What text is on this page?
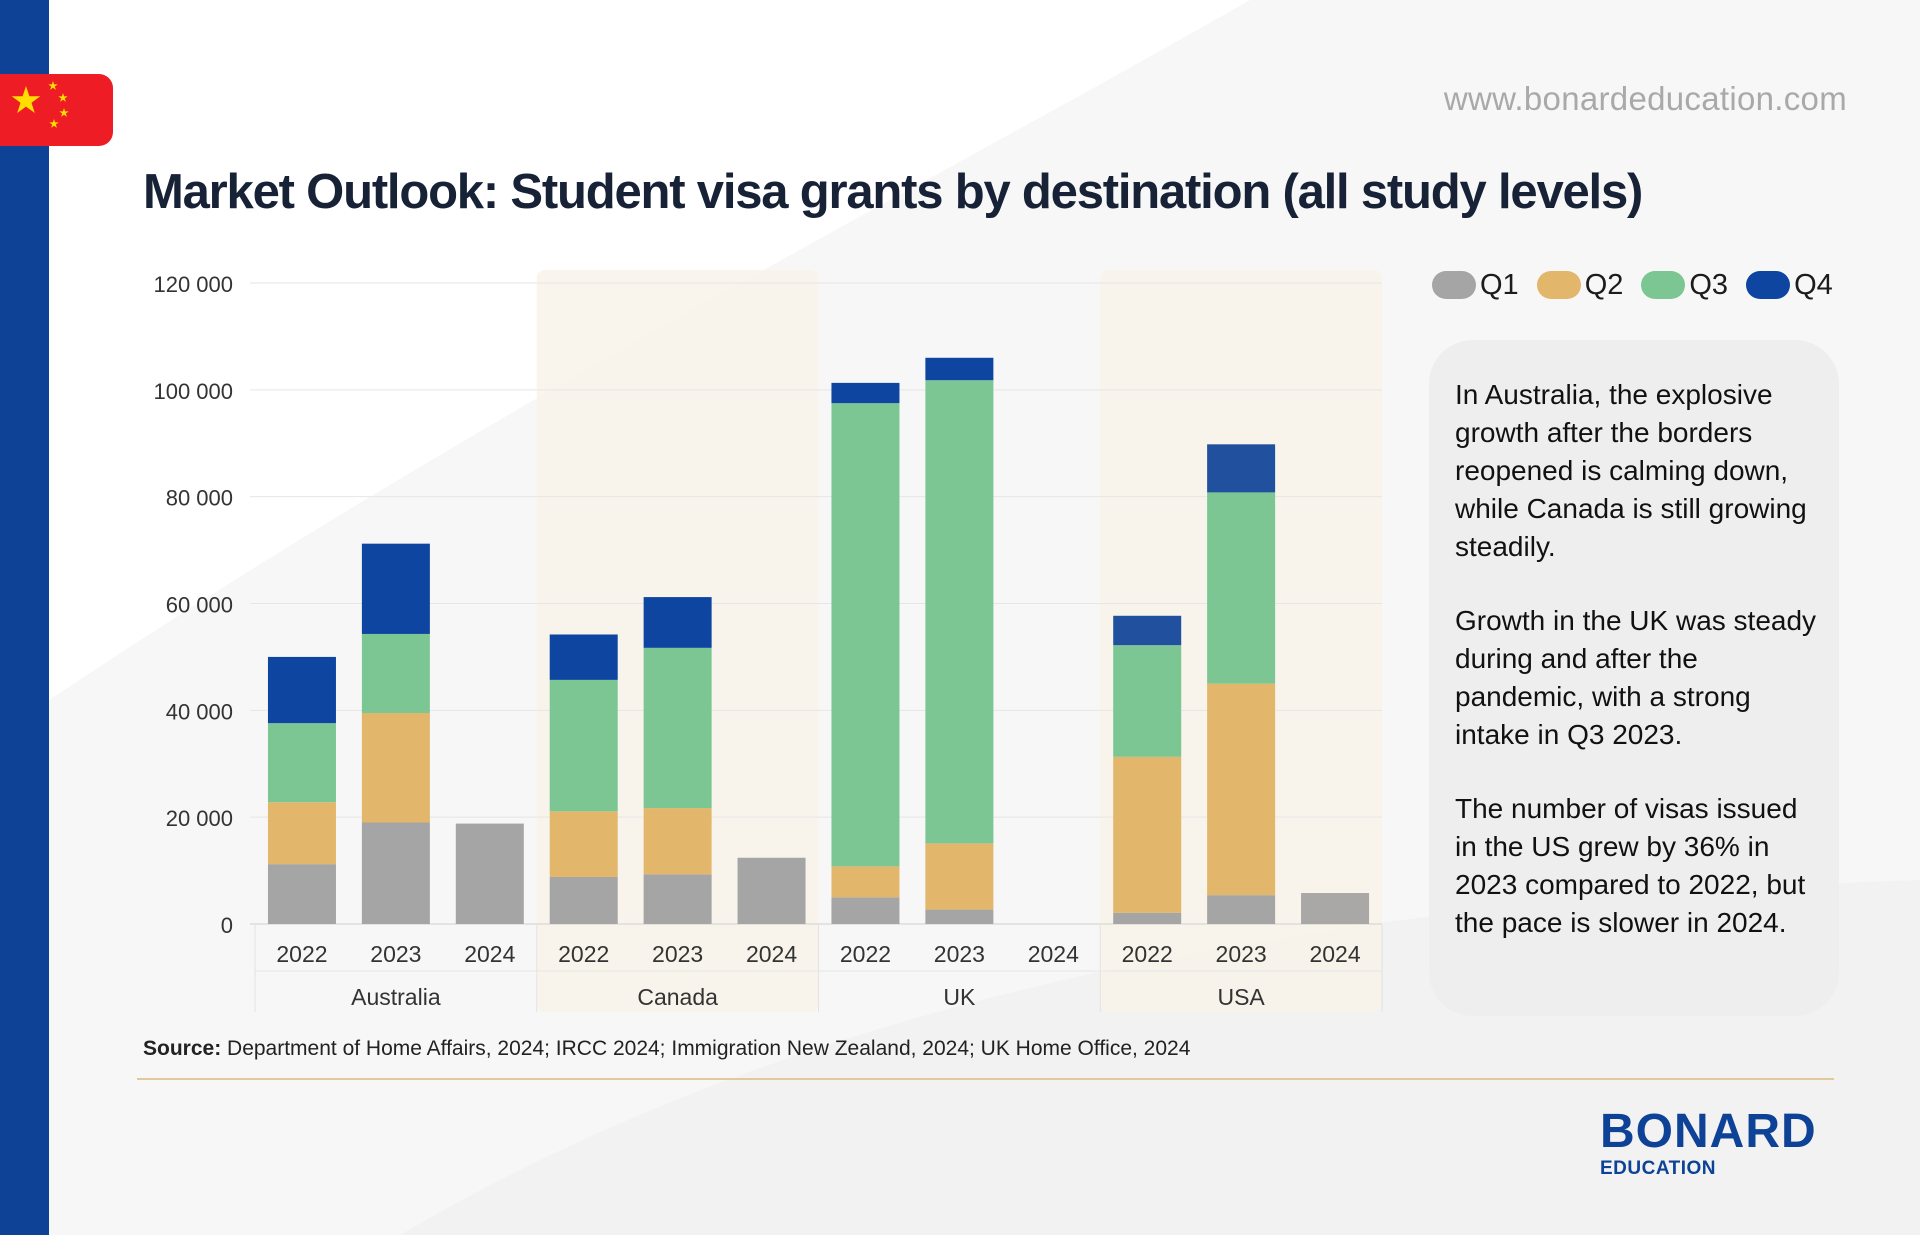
www.bonardeducation.com
Market Outlook: Student visa grants by destination (all study levels)
0
20 000
40 000
60 000
80 000
100 000
120 000
2022 2023 2024
Australia
2022 2023 2024
Canada
2022 2023 2024
UK
2022 2023 2024
USA
Q1 Q2 Q3 Q4

In Australia, the explosive growth after the borders reopened is calming down, while Canada is still growing steadily.

Growth in the UK was steady during and after the pandemic, with a strong intake in Q3 2023.

The number of visas issued in the US grew by 36% in 2023 compared to 2022, but the pace is slower in 2024.

Source: Department of Home Affairs, 2024; IRCC 2024; Immigration New Zealand, 2024; UK Home Office, 2024
BONARD
EDUCATION
